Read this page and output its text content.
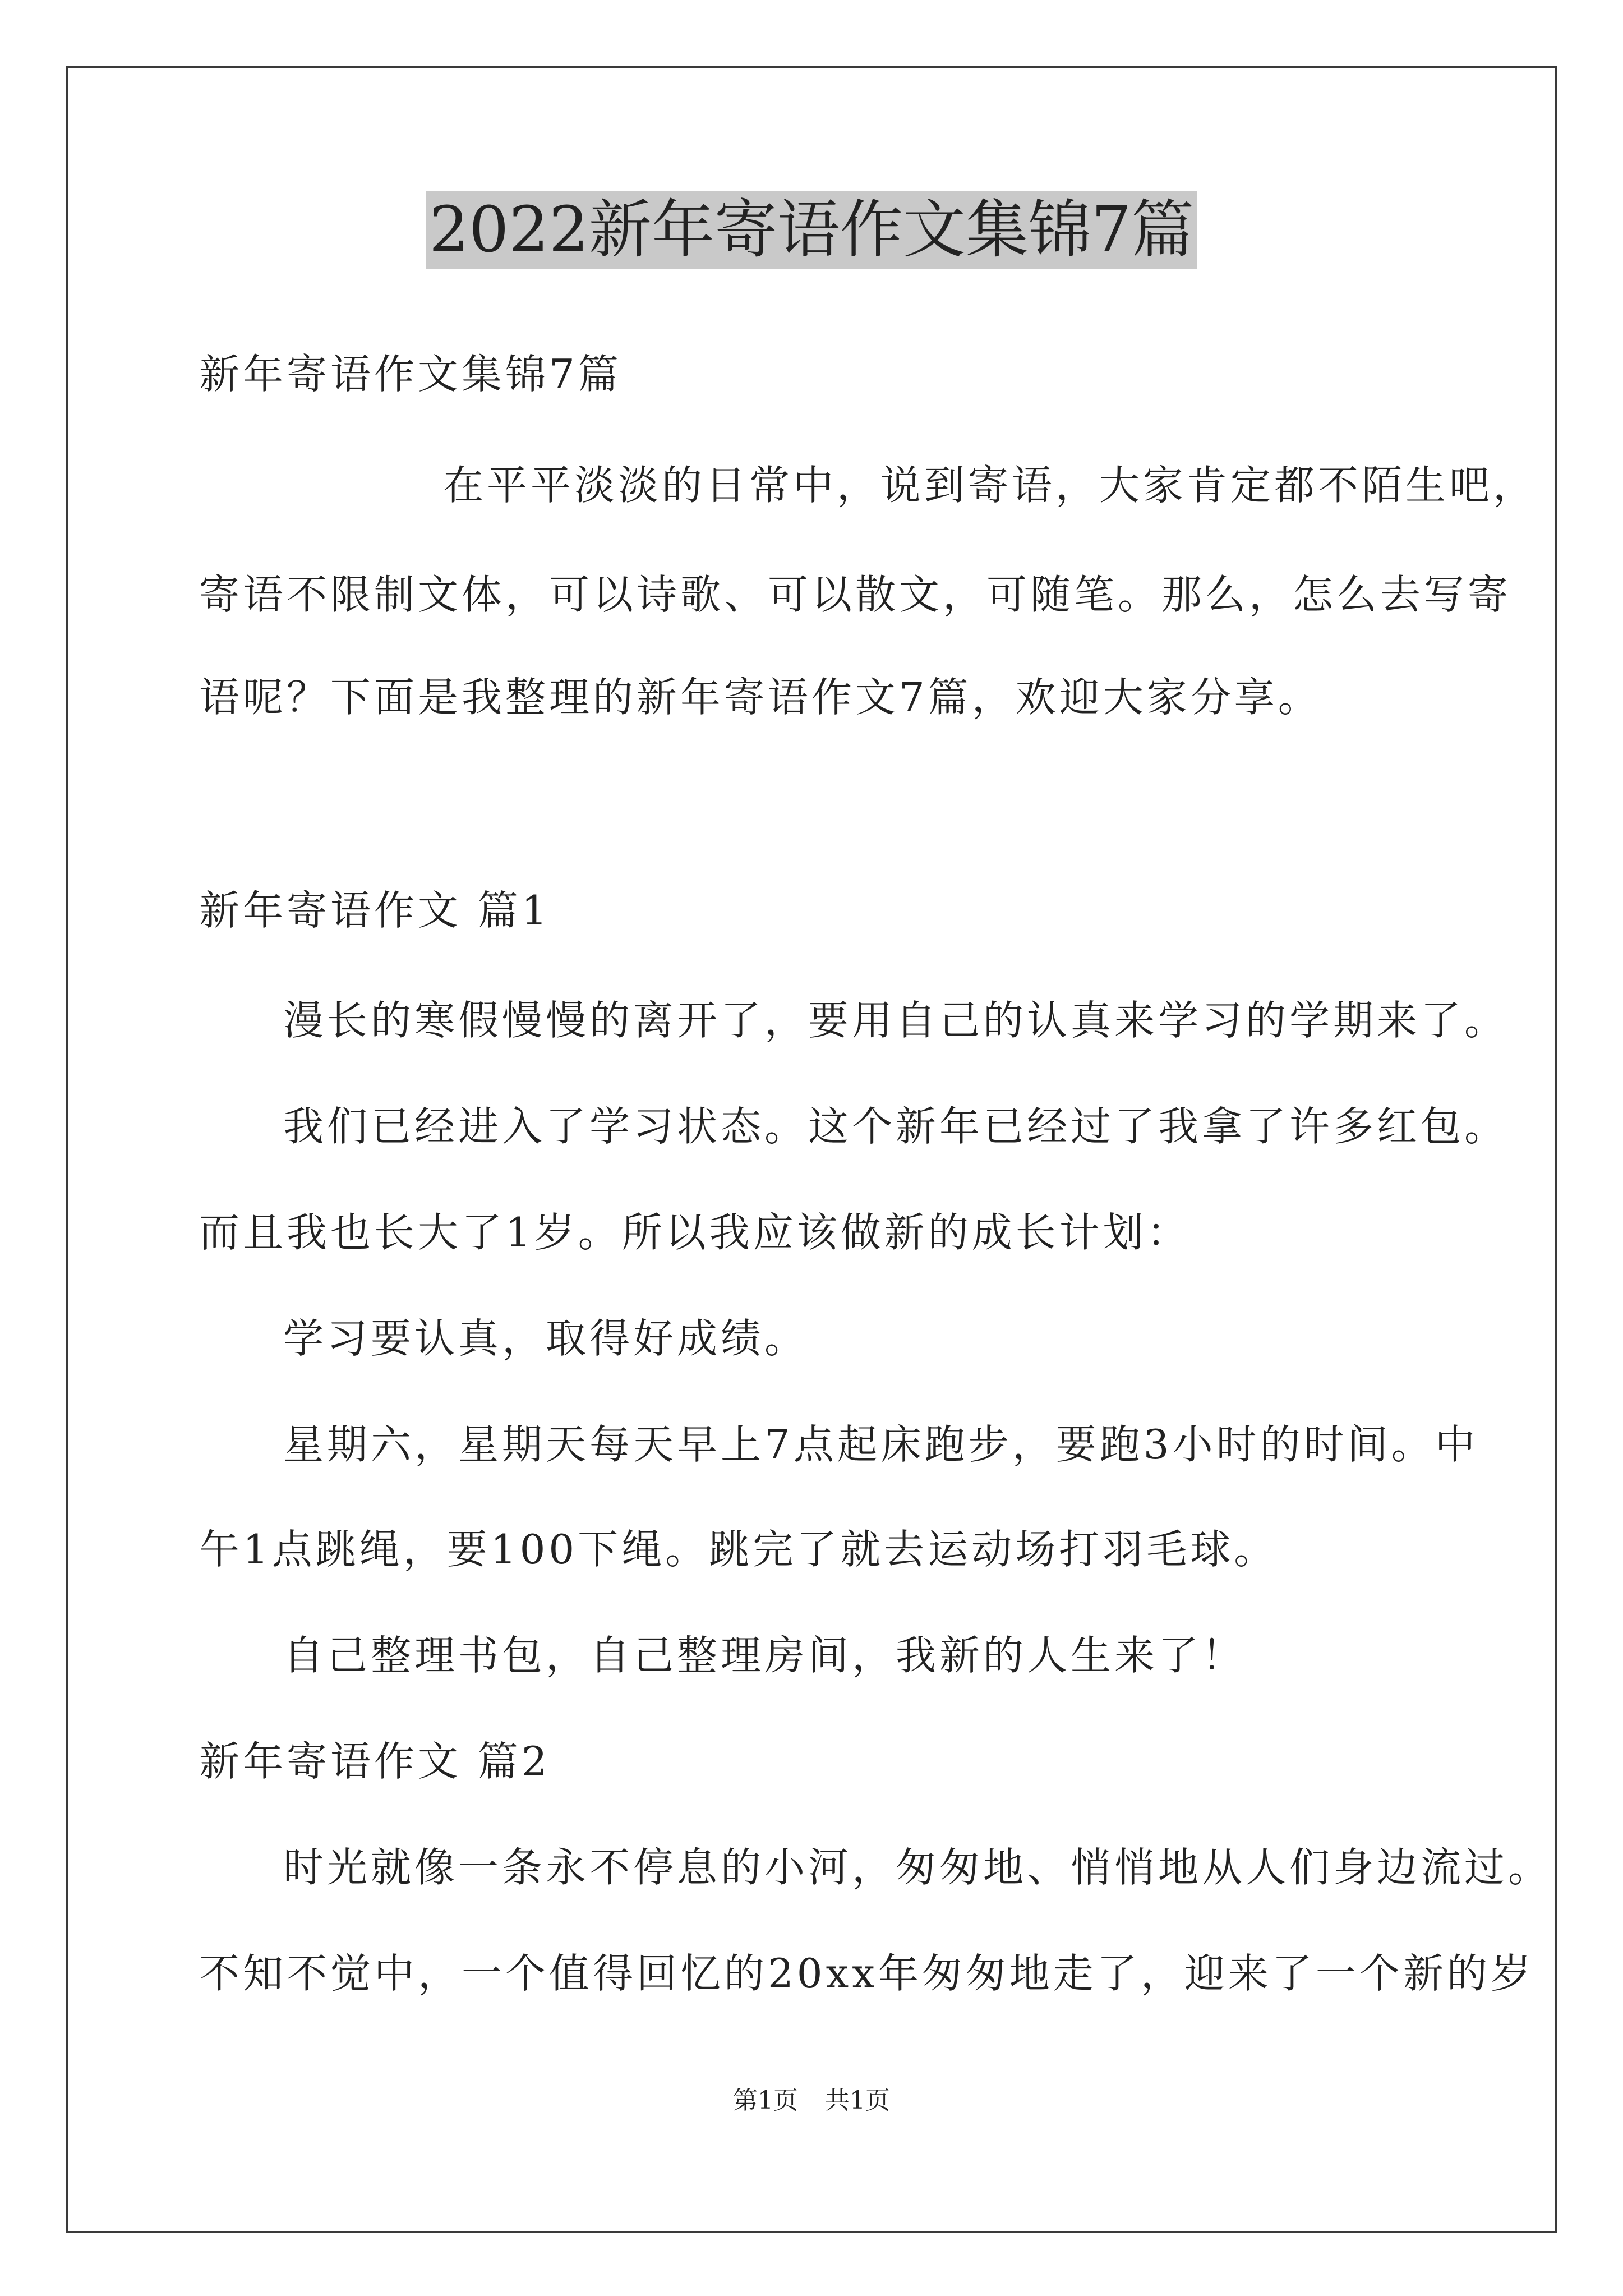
2022新年寄语作文集锦7篇
新年寄语作文集锦7篇
在平平淡淡的日常中，说到寄语，大家肯定都不陌生吧，
寄语不限制文体，可以诗歌、可以散文，可随笔。那么，怎么去写寄
语呢？下面是我整理的新年寄语作文7篇，欢迎大家分享。
新年寄语作文 篇1
漫长的寒假慢慢的离开了，要用自己的认真来学习的学期来了。
我们已经进入了学习状态。这个新年已经过了我拿了许多红包。
而且我也长大了1岁。所以我应该做新的成长计划：
学习要认真，取得好成绩。
星期六，星期天每天早上7点起床跑步，要跑3小时的时间。中
午1点跳绳，要100下绳。跳完了就去运动场打羽毛球。
自己整理书包，自己整理房间，我新的人生来了！
新年寄语作文 篇2
时光就像一条永不停息的小河，匆匆地、悄悄地从人们身边流过。
不知不觉中，一个值得回忆的20xx年匆匆地走了，迎来了一个新的岁
第1页 共1页
